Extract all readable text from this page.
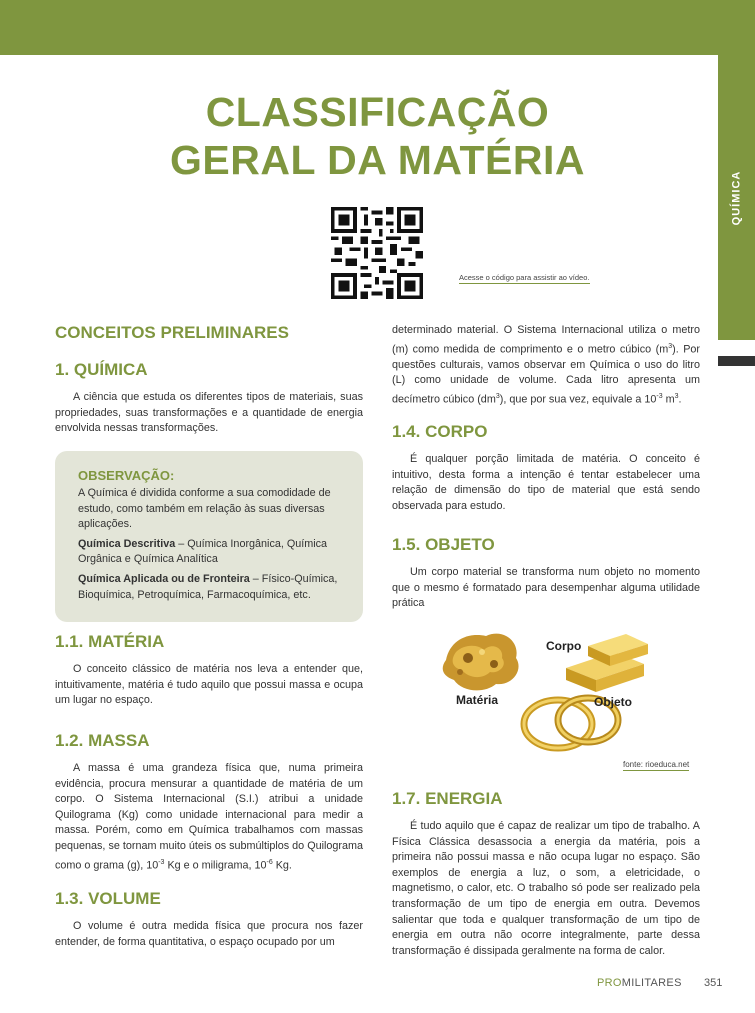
QUÍMICA
CLASSIFICAÇÃO
GERAL DA MATÉRIA
Acesse o código para assistir ao vídeo.
CONCEITOS PRELIMINARES
1. QUÍMICA
A ciência que estuda os diferentes tipos de materiais, suas propriedades, suas transformações e a quantidade de energia envolvida nessas transformações.
OBSERVAÇÃO:

A Química é dividida conforme a sua comodidade de estudo, como também em relação às suas diversas aplicações.

Química Descritiva – Química Inorgânica, Química Orgânica e Química Analítica

Química Aplicada ou de Fronteira – Físico-Química, Bioquímica, Petroquímica, Farmacoquímica, etc.

1.1. MATÉRIA
O conceito clássico de matéria nos leva a entender que, intuitivamente, matéria é tudo aquilo que possui massa e ocupa um lugar no espaço.
1.2. MASSA
A massa é uma grandeza física que, numa primeira evidência, procura mensurar a quantidade de matéria de um corpo. O Sistema Internacional (S.I.) atribui a unidade Quilograma (Kg) como unidade internacional para medir a massa. Porém, como em Química trabalhamos com massas pequenas, se tornam muito úteis os submúltiplos do Quilograma como o grama (g), $10^{-3}$ Kg e o miligrama, $10^{-6}$ Kg.
1.3. VOLUME
O volume é outra medida física que procura nos fazer entender, de forma quantitativa, o espaço ocupado por um
determinado material. O Sistema Internacional utiliza o metro (m) como medida de comprimento e o metro cúbico $(m^3)$. Por questões culturais, vamos observar em Química o uso do litro (L) como unidade de volume. Cada litro apresenta um decímetro cúbico $(dm^3)$, que por sua vez, equivale a $10^{-3}$ $m^3$.
1.4. CORPO
É qualquer porção limitada de matéria. O conceito é intuitivo, desta forma a intenção é tentar estabelecer uma relação de dimensão do tipo de material que está sendo observada para estudo.
1.5. OBJETO
Um corpo material se transforma num objeto no momento que o mesmo é formatado para desempenhar alguma utilidade prática
Corpo
Matéria	Objeto
fonte: rioeduca.net
1.7. ENERGIA
É tudo aquilo que é capaz de realizar um tipo de trabalho. A Física Clássica desassocia a energia da matéria, pois a primeira não possui massa e não ocupa lugar no espaço. São exemplos de energia a luz, o som, a eletricidade, o magnetismo, o calor, etc. O trabalho só pode ser realizado pela transformação de um tipo de energia em outra. Devemos salientar que toda e qualquer transformação de um tipo de energia em outra não ocorre integralmente, parte dessa transformação é dissipada geralmente na forma de calor.
PROMILITARES 351
